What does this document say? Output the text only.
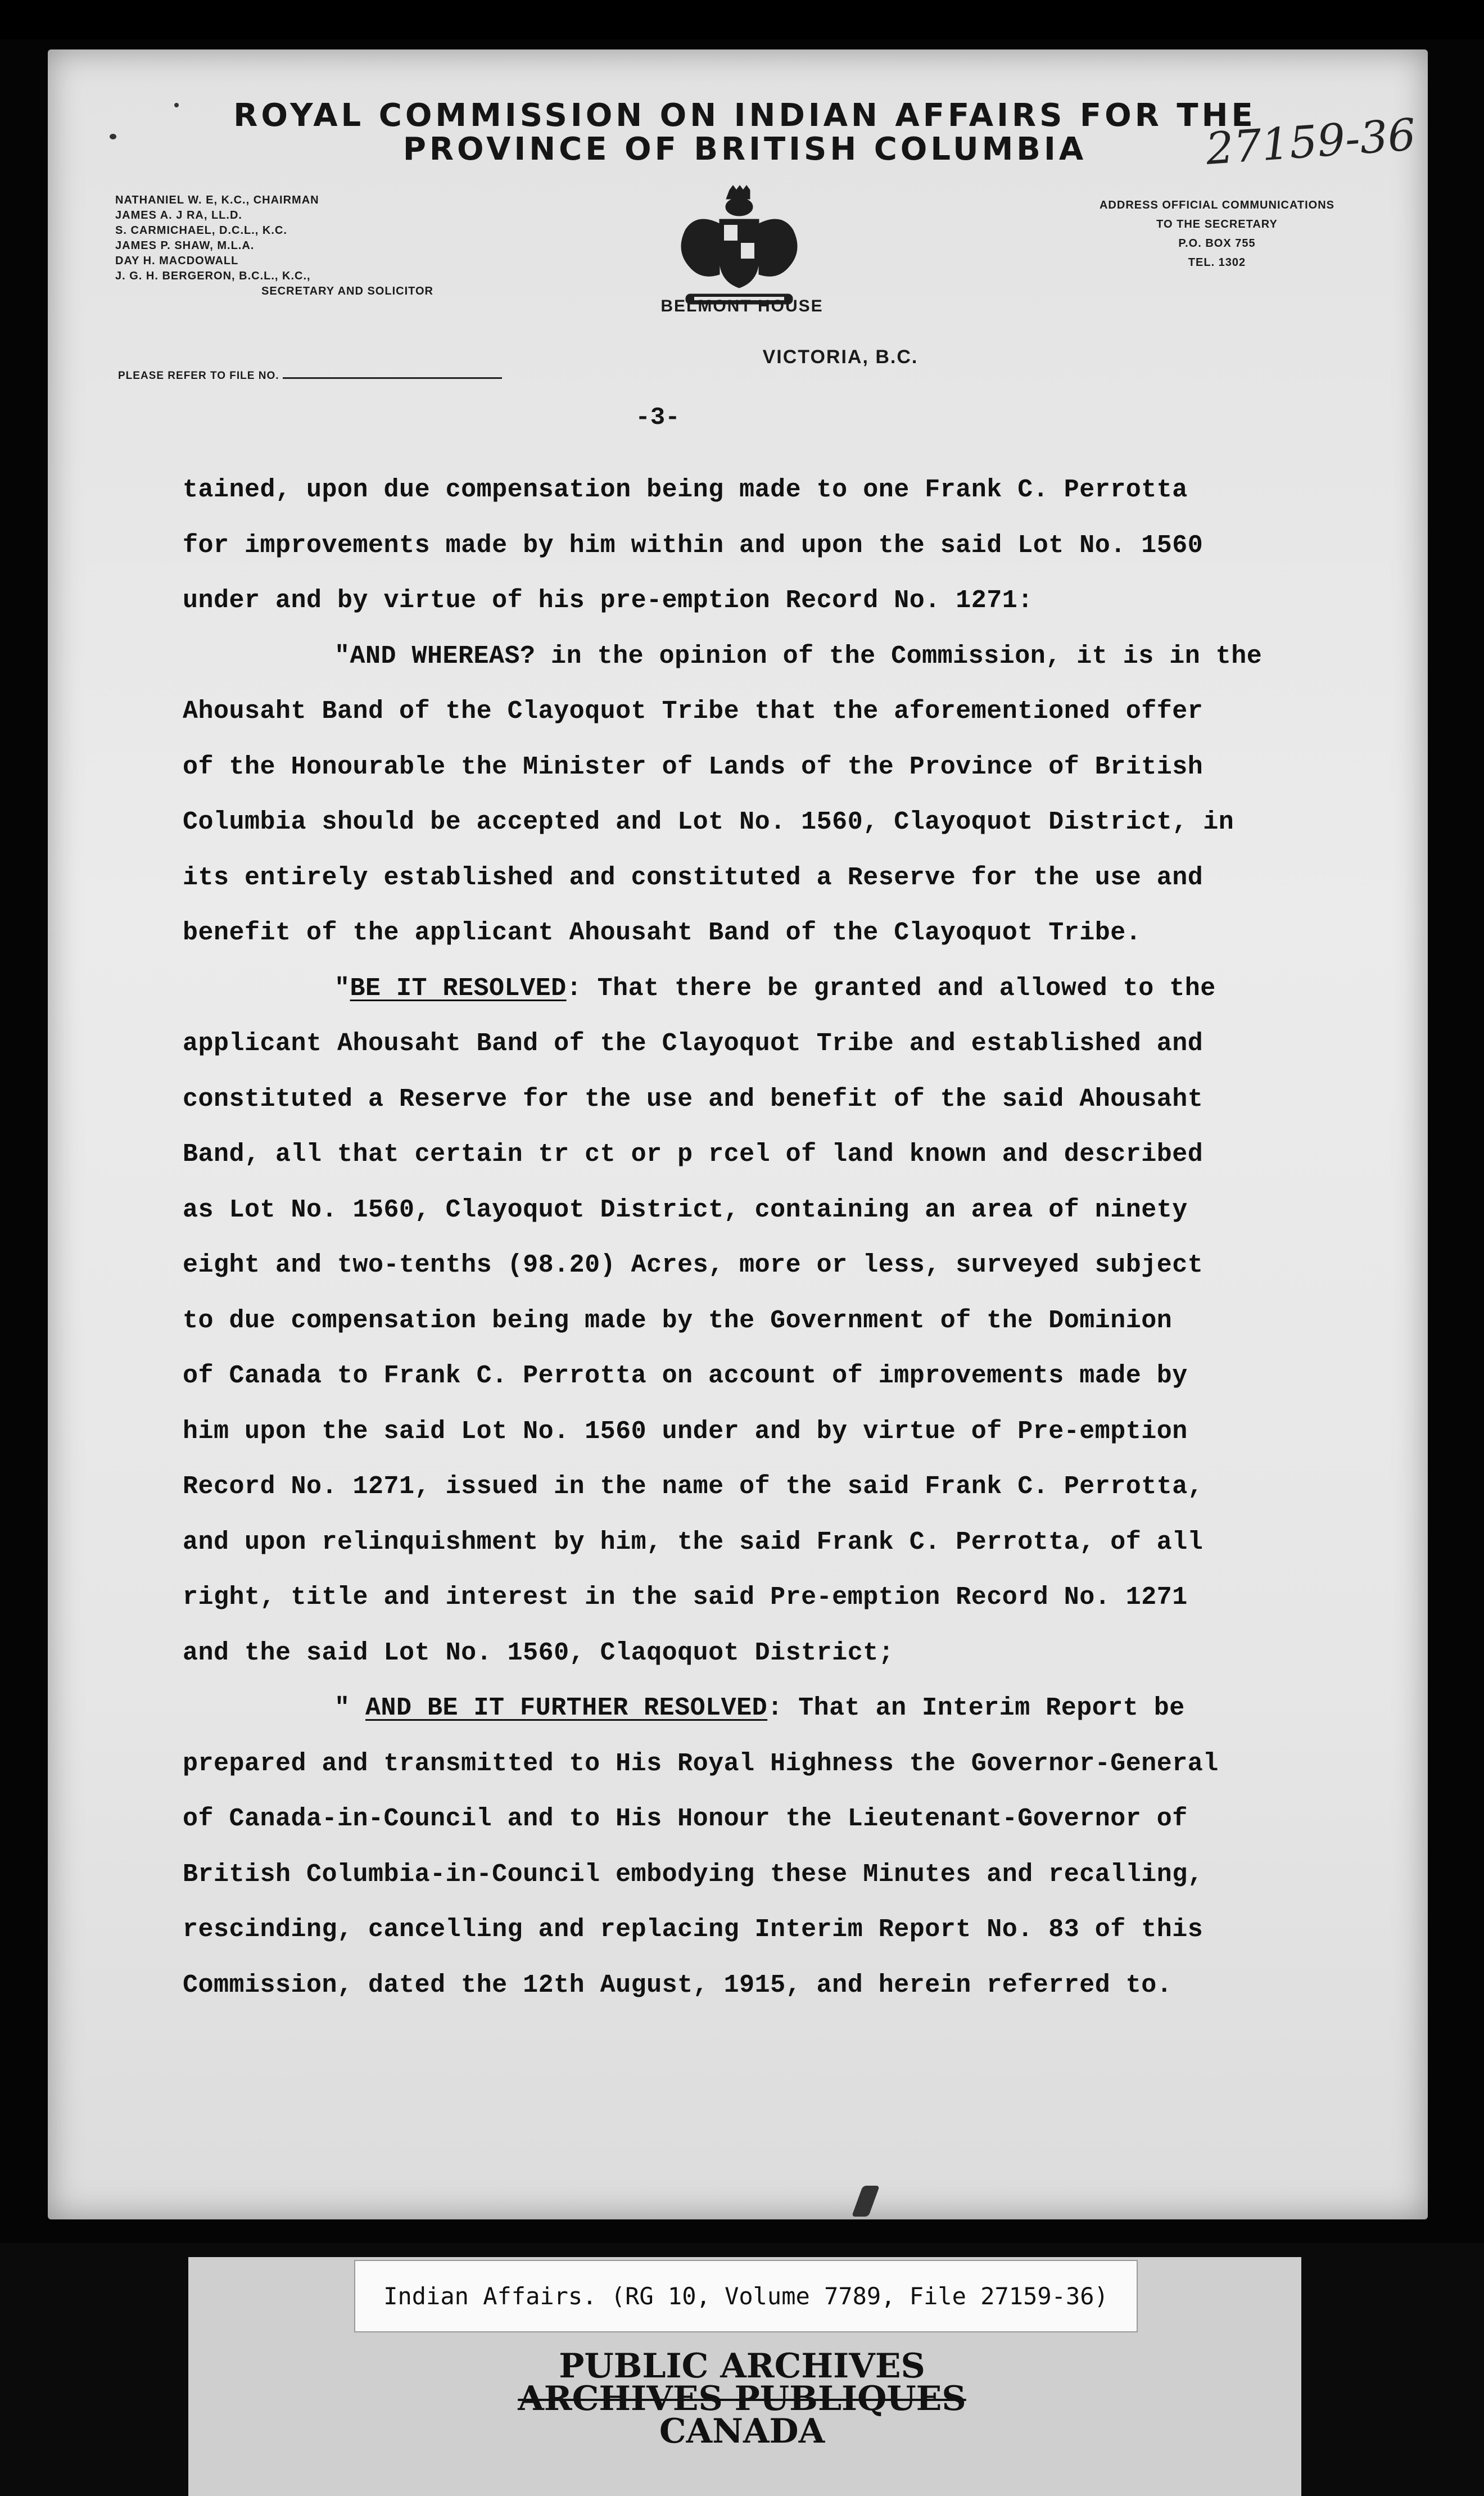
ROYAL COMMISSION ON INDIAN AFFAIRS FOR THE
PROVINCE OF BRITISH COLUMBIA	27159-36
NATHANIEL W. E, K.C., CHAIRMAN
JAMES A. J RA, LL.D.
S. CARMICHAEL, D.C.L., K.C.
JAMES P. SHAW, M.L.A.
DAY H. MACDOWALL
J. G. H. BERGERON, B.C.L., K.C.,
SECRETARY AND SOLICITOR
BELMONT HOUSE
VICTORIA, B.C.
ADDRESS OFFICIAL COMMUNICATIONS
TO THE SECRETARY
P.O. BOX 755
TEL. 1302
PLEASE REFER TO FILE NO.
-3-
tained, upon due compensation being made to one Frank C. Perrotta
for improvements made by him within and upon the said Lot No. 1560
under and by virtue of his pre-emption Record No. 1271:
"AND WHEREAS? in the opinion of the Commission, it is in the
Ahousaht Band of the Clayoquot Tribe that the aforementioned offer
of the Honourable the Minister of Lands of the Province of British
Columbia should be accepted and Lot No. 1560, Clayoquot District, in
its entirely established and constituted a Reserve for the use and
benefit of the applicant Ahousaht Band of the Clayoquot Tribe.
"BE IT RESOLVED: That there be granted and allowed to the
applicant Ahousaht Band of the Clayoquot Tribe and established and
constituted a Reserve for the use and benefit of the said Ahousaht
Band, all that certain tr ct or p rcel of land known and described
as Lot No. 1560, Clayoquot District, containing an area of ninety
eight and two-tenths (98.20) Acres, more or less, surveyed subject
to due compensation being made by the Government of the Dominion
of Canada to Frank C. Perrotta on account of improvements made by
him upon the said Lot No. 1560 under and by virtue of Pre-emption
Record No. 1271, issued in the name of the said Frank C. Perrotta,
and upon relinquishment by him, the said Frank C. Perrotta, of all
right, title and interest in the said Pre-emption Record No. 1271
and the said Lot No. 1560, Claqoquot District;
" AND BE IT FURTHER RESOLVED: That an Interim Report be
prepared and transmitted to His Royal Highness the Governor-General
of Canada-in-Council and to His Honour the Lieutenant-Governor of
British Columbia-in-Council embodying these Minutes and recalling,
rescinding, cancelling and replacing Interim Report No. 83 of this
Commission, dated the 12th August, 1915, and herein referred to.
Indian Affairs. (RG 10, Volume 7789, File 27159-36)
PUBLIC ARCHIVES
ARCHIVES PUBLIQUES
CANADA
